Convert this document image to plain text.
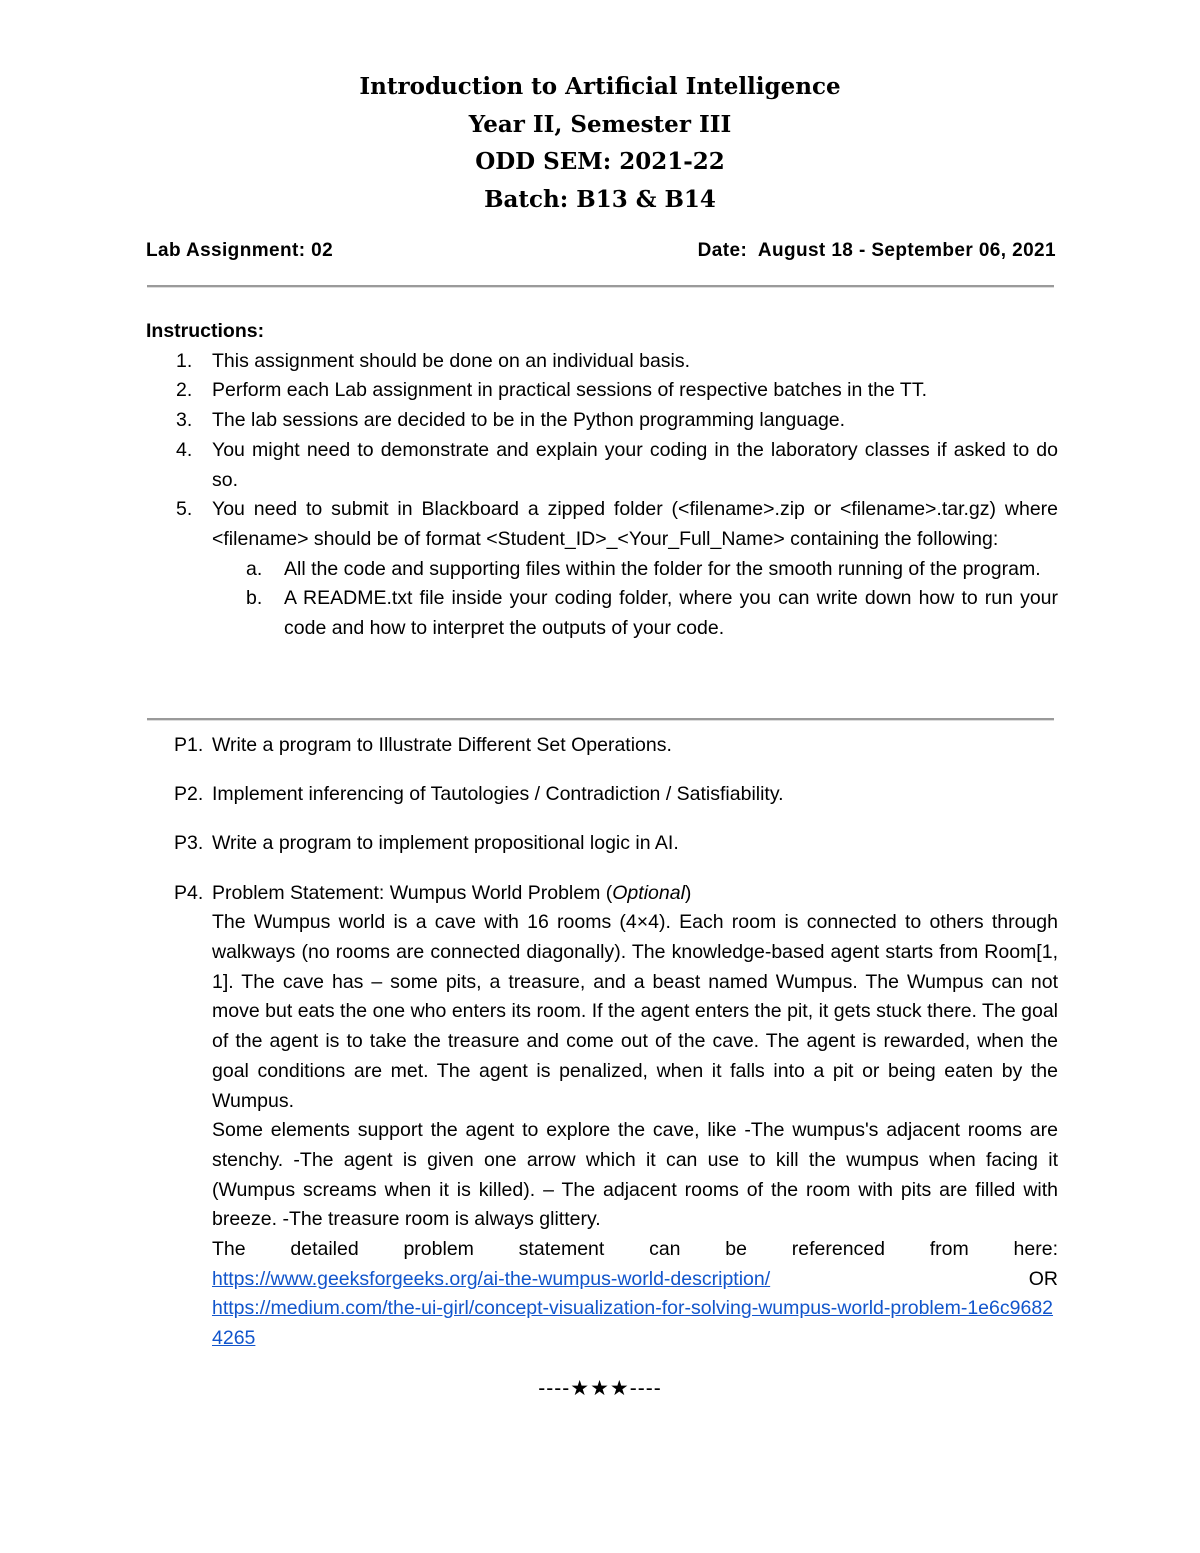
Introduction to Artificial Intelligence
Year II, Semester III
ODD SEM: 2021-22
Batch: B13 & B14
Lab Assignment: 02	Date:  August 18 - September 06, 2021
Instructions:
1. This assignment should be done on an individual basis.
2. Perform each Lab assignment in practical sessions of respective batches in the TT.
3. The lab sessions are decided to be in the Python programming language.
4. You might need to demonstrate and explain your coding in the laboratory classes if asked to do so.
5. You need to submit in Blackboard a zipped folder (<filename>.zip or <filename>.tar.gz) where <filename> should be of format <Student_ID>_<Your_Full_Name> containing the following:
a. All the code and supporting files within the folder for the smooth running of the program.
b. A README.txt file inside your coding folder, where you can write down how to run your code and how to interpret the outputs of your code.
P1. Write a program to Illustrate Different Set Operations.
P2. Implement inferencing of Tautologies / Contradiction / Satisfiability.
P3. Write a program to implement propositional logic in AI.
P4. Problem Statement: Wumpus World Problem (Optional)
The Wumpus world is a cave with 16 rooms (4×4). Each room is connected to others through walkways (no rooms are connected diagonally). The knowledge-based agent starts from Room[1, 1]. The cave has – some pits, a treasure, and a beast named Wumpus. The Wumpus can not move but eats the one who enters its room. If the agent enters the pit, it gets stuck there. The goal of the agent is to take the treasure and come out of the cave. The agent is rewarded, when the goal conditions are met. The agent is penalized, when it falls into a pit or being eaten by the Wumpus.
Some elements support the agent to explore the cave, like -The wumpus's adjacent rooms are stenchy. -The agent is given one arrow which it can use to kill the wumpus when facing it (Wumpus screams when it is killed). – The adjacent rooms of the room with pits are filled with breeze. -The treasure room is always glittery.
The detailed problem statement can be referenced from here:
https://www.geeksforgeeks.org/ai-the-wumpus-world-description/	OR
https://medium.com/the-ui-girl/concept-visualization-for-solving-wumpus-world-problem-1e6c96824265
----★★★----
